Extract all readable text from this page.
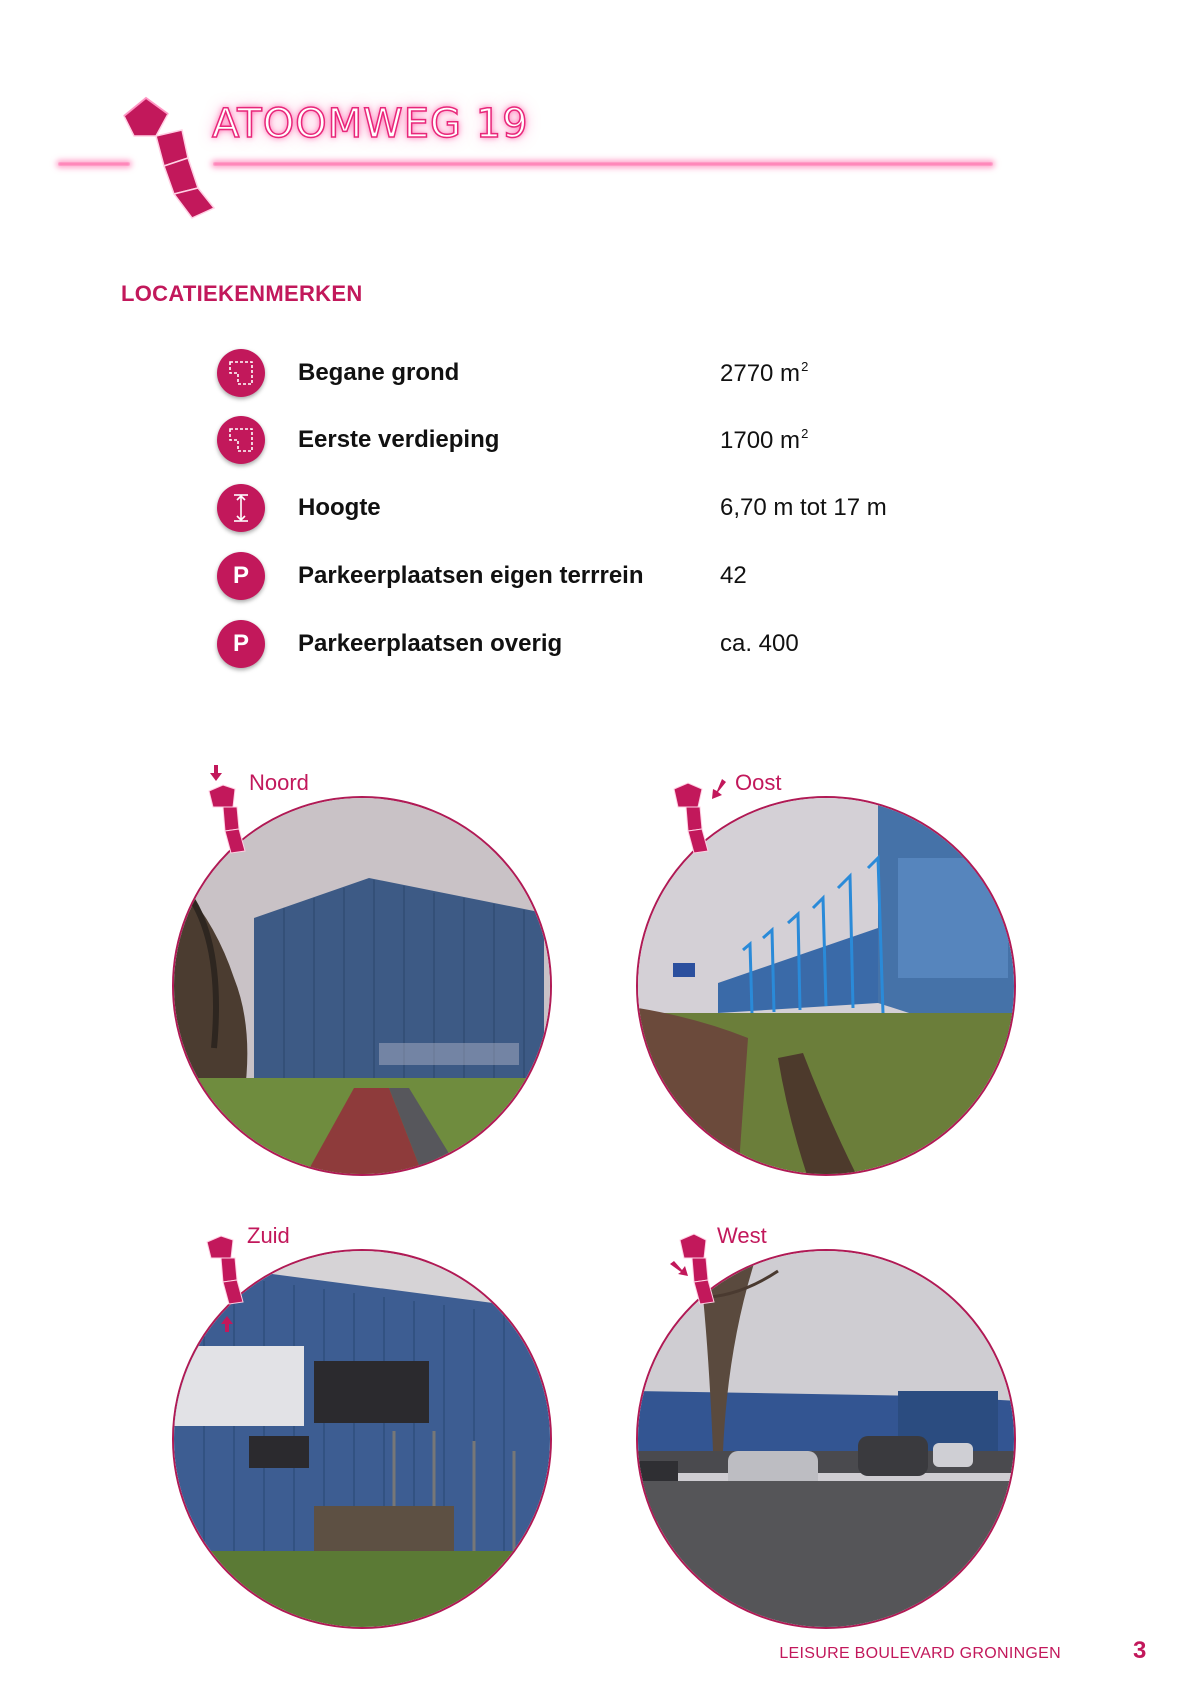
ATOOMWEG 19
LOCATIEKENMERKEN
Begane grond	2770 $m^2$
Eerste verdieping	1700 $m^2$
Hoogte	6,70 m tot 17 m
P	Parkeerplaatsen eigen terrrein	42
P	Parkeerplaatsen overig	ca. 400
Noord	Oost
Zuid	West
LEISURE BOULEVARD GRONINGEN	3
